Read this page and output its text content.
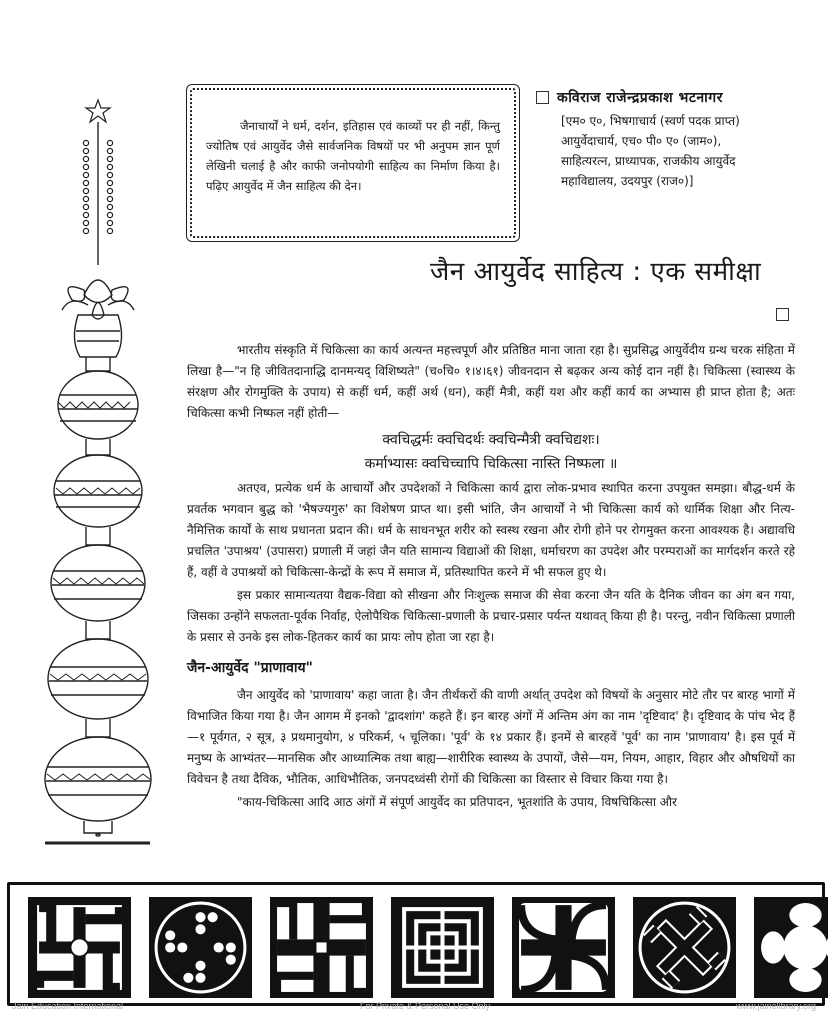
जैनाचार्यों ने धर्म, दर्शन, इतिहास एवं काव्यों पर ही नहीं, किन्तु ज्योतिष एवं आयुर्वेद जैसे सार्वजनिक विषयों पर भी अनुपम ज्ञान पूर्ण लेखिनी चलाई है और काफी जनोपयोगी साहित्य का निर्माण किया है। पढ़िए आयुर्वेद में जैन साहित्य की देन।

कविराज राजेन्द्रप्रकाश भटनागर
[एम० ए०, भिषगाचार्य (स्वर्ण पदक प्राप्त)
आयुर्वेदाचार्य, एच० पी० ए० (जाम०),
साहित्यरत्न, प्राध्यापक, राजकीय आयुर्वेद
महाविद्यालय, उदयपुर (राज०)]
जैन आयुर्वेद साहित्य : एक समीक्षा

भारतीय संस्कृति में चिकित्सा का कार्य अत्यन्त महत्त्वपूर्ण और प्रतिष्ठित माना जाता रहा है। सुप्रसिद्ध आयुर्वेदीय ग्रन्थ चरक संहिता में लिखा है—"न हि जीवितदानाद्धि दानमन्यद् विशिष्यते" (च०चि० १।४।६१) जीवनदान से बढ़कर अन्य कोई दान नहीं है। चिकित्सा (स्वास्थ्य के संरक्षण और रोगमुक्ति के उपाय) से कहीं धर्म, कहीं अर्थ (धन), कहीं मैत्री, कहीं यश और कहीं कार्य का अभ्यास ही प्राप्त होता है; अतः चिकित्सा कभी निष्फल नहीं होती—

क्वचिद्धर्मः क्वचिदर्थः क्वचिन्मैत्री क्वचिद्यशः।
कर्माभ्यासः क्वचिच्चापि चिकित्सा नास्ति निष्फला ॥

अतएव, प्रत्येक धर्म के आचार्यों और उपदेशकों ने चिकित्सा कार्य द्वारा लोक-प्रभाव स्थापित करना उपयुक्त समझा। बौद्ध-धर्म के प्रवर्तक भगवान बुद्ध को 'भैषज्यगुरु' का विशेषण प्राप्त था। इसी भांति, जैन आचार्यों ने भी चिकित्सा कार्य को धार्मिक शिक्षा और नित्य-नैमित्तिक कार्यों के साथ प्रधानता प्रदान की। धर्म के साधनभूत शरीर को स्वस्थ रखना और रोगी होने पर रोगमुक्त करना आवश्यक है। अद्यावधि प्रचलित 'उपाश्रय' (उपासरा) प्रणाली में जहां जैन यति सामान्य विद्याओं की शिक्षा, धर्माचरण का उपदेश और परम्पराओं का मार्गदर्शन करते रहे हैं, वहीं वे उपाश्रयों को चिकित्सा-केन्द्रों के रूप में समाज में, प्रतिस्थापित करने में भी सफल हुए थे।

इस प्रकार सामान्यतया वैद्यक-विद्या को सीखना और निःशुल्क समाज की सेवा करना जैन यति के दैनिक जीवन का अंग बन गया, जिसका उन्होंने सफलता-पूर्वक निर्वाह, ऐलोपैथिक चिकित्सा-प्रणाली के प्रचार-प्रसार पर्यन्त यथावत् किया ही है। परन्तु, नवीन चिकित्सा प्रणाली के प्रसार से उनके इस लोक-हितकर कार्य का प्रायः लोप होता जा रहा है।

जैन-आयुर्वेद "प्राणावाय"

जैन आयुर्वेद को 'प्राणावाय' कहा जाता है। जैन तीर्थंकरों की वाणी अर्थात् उपदेश को विषयों के अनुसार मोटे तौर पर बारह भागों में विभाजित किया गया है। जैन आगम में इनको 'द्वादशांग' कहते हैं। इन बारह अंगों में अन्तिम अंग का नाम 'दृष्टिवाद' है। दृष्टिवाद के पांच भेद हैं—१ पूर्वगत, २ सूत्र, ३ प्रथमानुयोग, ४ परिकर्म, ५ चूलिका। 'पूर्व' के १४ प्रकार हैं। इनमें से बारहवें 'पूर्व' का नाम 'प्राणावाय' है। इस पूर्व में मनुष्य के आभ्यंतर—मानसिक और आध्यात्मिक तथा बाह्य—शारीरिक स्वास्थ्य के उपायों, जैसे—यम, नियम, आहार, विहार और औषधियों का विवेचन है तथा दैविक, भौतिक, आधिभौतिक, जनपदध्वंसी रोगों की चिकित्सा का विस्तार से विचार किया गया है।

"काय-चिकित्सा आदि आठ अंगों में संपूर्ण आयुर्वेद का प्रतिपादन, भूतशांति के उपाय, विषचिकित्सा और

Jain Education International	For Private & Personal Use Only	www.jainelibrary.org
